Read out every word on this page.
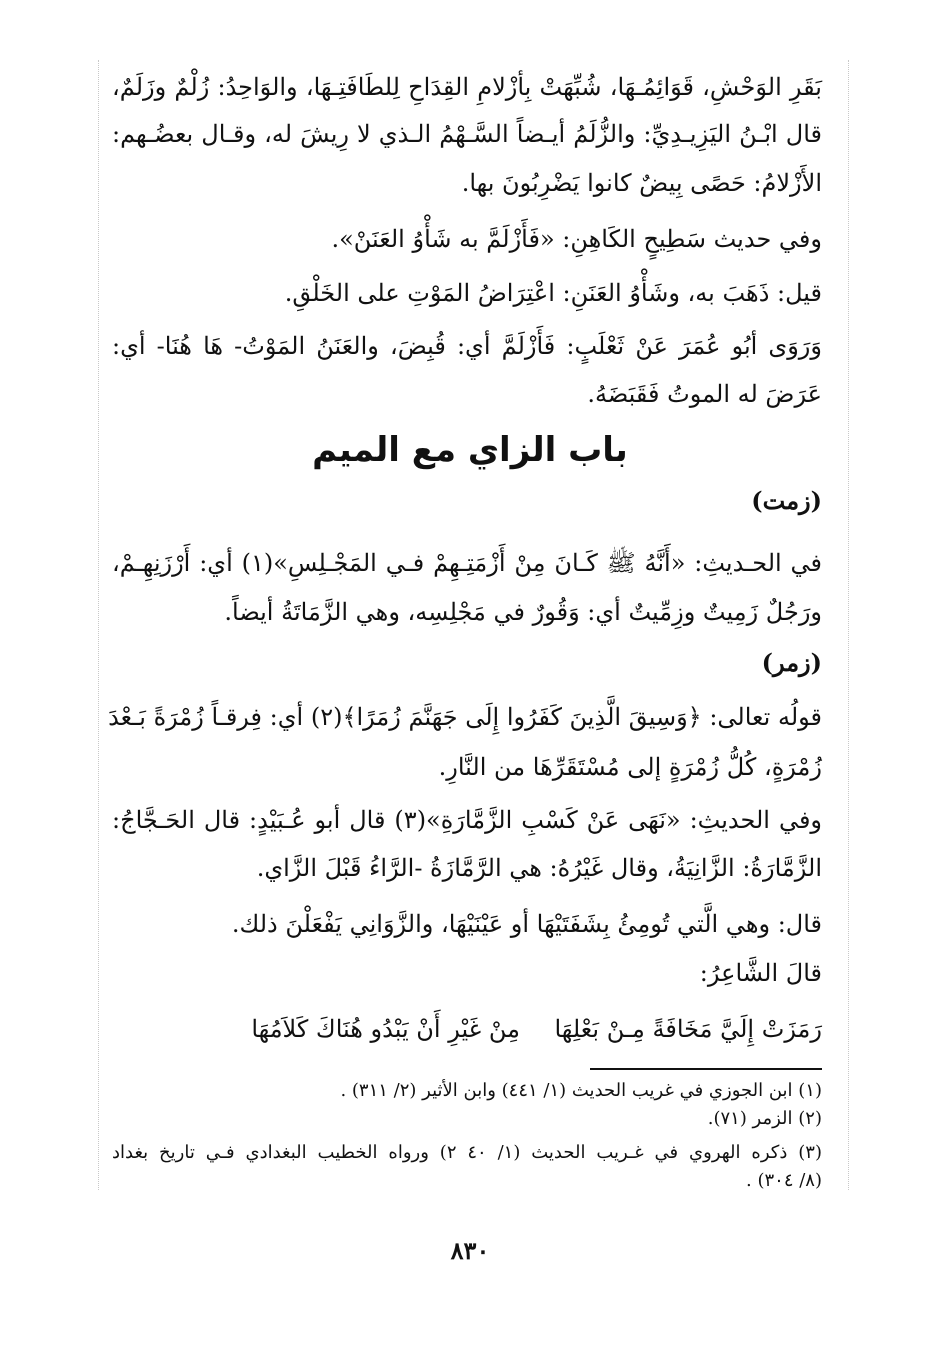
بَقَرِ الوَحْشِ، قَوَائِمُـهَا، شُبِّهَتْ بِأزْلامِ القِدَاحِ لِلطَافَتِـهَا، والوَاحِدُ: زُلْمٌ وزَلَمٌ،
قال ابْـنُ اليَزِيـدِيِّ: والزُّلَمُ أيـضاً السَّـهْمُ الـذي لا رِيشَ له، وقـال بعضُـهم:
الأَزْلامُ: حَصًى بِيضٌ كانوا يَضْرِبُونَ بها.
وفي حديث سَطِيحٍ الكَاهِنِ: «فَأَزْلَمَّ به شَأْوُ العَنَنْ».
قيل: ذَهَبَ به، وشَأْوُ العَنَنِ: اعْتِرَاضُ المَوْتِ على الخَلْقِ.
وَرَوَى أبُو عُمَرَ عَنْ ثَعْلَبٍ: فَأَزْلَمَّ أي: قُبِضَ، والعَنَنُ المَوْتُ- هَا هُنَا- أي:
عَرَضَ له الموتُ فَقَبَضَهُ.
باب الزاي مع الميم
(زمت)
في الحـديثِ: «أَنَّهُ ﷺ كَـانَ مِنْ أَزْمَتِـهِمْ فـي المَجْـلِسِ»(١) أي: أَرْزَنِهِـمْ،
ورَجُلٌ زَمِيتٌ وزِمِّيتٌ أي: وَقُورٌ في مَجْلِسِه، وهي الزَّمَاتَةُ أيضاً.
(زمر)
قولُه تعالى: ﴿وَسِيقَ الَّذِينَ كَفَرُوا إِلَى جَهَنَّمَ زُمَرًا﴾(٢) أي: فِرقـاً زُمْرَةً بَـعْدَ
زُمْرَةٍ، كُلُّ زُمْرَةٍ إلى مُسْتَقَرِّهَا من النَّارِ.
وفي الحديثِ: «نَهَى عَنْ كَسْبِ الزَّمَّارَةِ»(٣) قال أبو عُـبَيْدٍ: قال الحَـجَّاجُ:
الزَّمَّارَةُ: الزَّانِيَةُ، وقال غَيْرُهُ: هي الرَّمَّازَةُ -الرَّاءُ قَبْلَ الزَّاي.
قال: وهي الَّتي تُومِئُ بِشَفَتَيْهَا أو عَيْنَيْهَا، والزَّوَانِي يَفْعَلْنَ ذلك.
قالَ الشَّاعِرُ:
رَمَزَتْ إِلَيَّ مَخَافَةً مِـنْ بَعْلِهَا
مِنْ غَيْرِ أَنْ يَبْدُو هُنَاكَ كَلاَمُهَا
(١) ابن الجوزي في غريب الحديث (١/ ٤٤١) وابن الأثير (٢/ ٣١١) .
(٢) الزمر (٧١).
(٣) ذكره الهروي في غـريب الحديث (١/ ٤٠ ٢) ورواه الخطيب البغدادي فـي تاريخ بغداد
(٨/ ٣٠٤) .
٨٣٠
